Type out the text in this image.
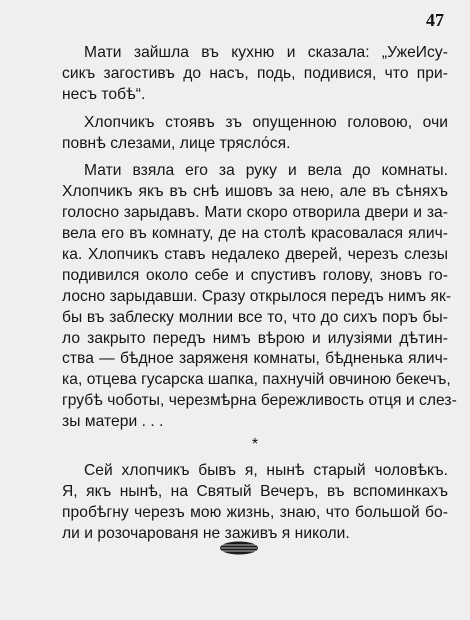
47
Мати зайшла въ кухню и сказала: „УжеИсу-
сикъ загостивъ до насъ, подь, подивися, что при-
несъ тобѣ“.
Хлопчикъ стоявъ зъ опущенною головою, очи
повнѣ слезами, лице трясло́ся.
Мати взяла его за руку и вела до комнаты.
Хлопчикъ якъ въ снѣ ишовъ за нею, але въ сѣняхъ
голосно зарыдавъ. Мати скоро отворила двери и за-
вела его въ комнату, де на столѣ красовалася ялич-
ка. Хлопчикъ ставъ недалеко дверей, черезъ слезы
подивился около себе и спустивъ голову, зновъ го-
лосно зарыдавши. Сразу открылося передъ нимъ як-
бы въ заблеску молнии все то, что до сихъ поръ бы-
ло закрыто передъ нимъ вѣрою и илузіями дѣтин-
ства — бѣдное заряженя комнаты, бѣдненька ялич-
ка, отцева гусарска шапка, пахнучій овчиною бекечъ,
грубѣ чоботы, черезмѣрна бережливость отця и слез-
зы матери . . .
*
Сей хлопчикъ бывъ я, нынѣ старый чоловѣкъ.
Я, якъ нынѣ, на Святый Вечеръ, въ вспоминкахъ
пробѣгну черезъ мою жизнь, знаю, что большой бо-
ли и розочарованя не заживъ я николи.
